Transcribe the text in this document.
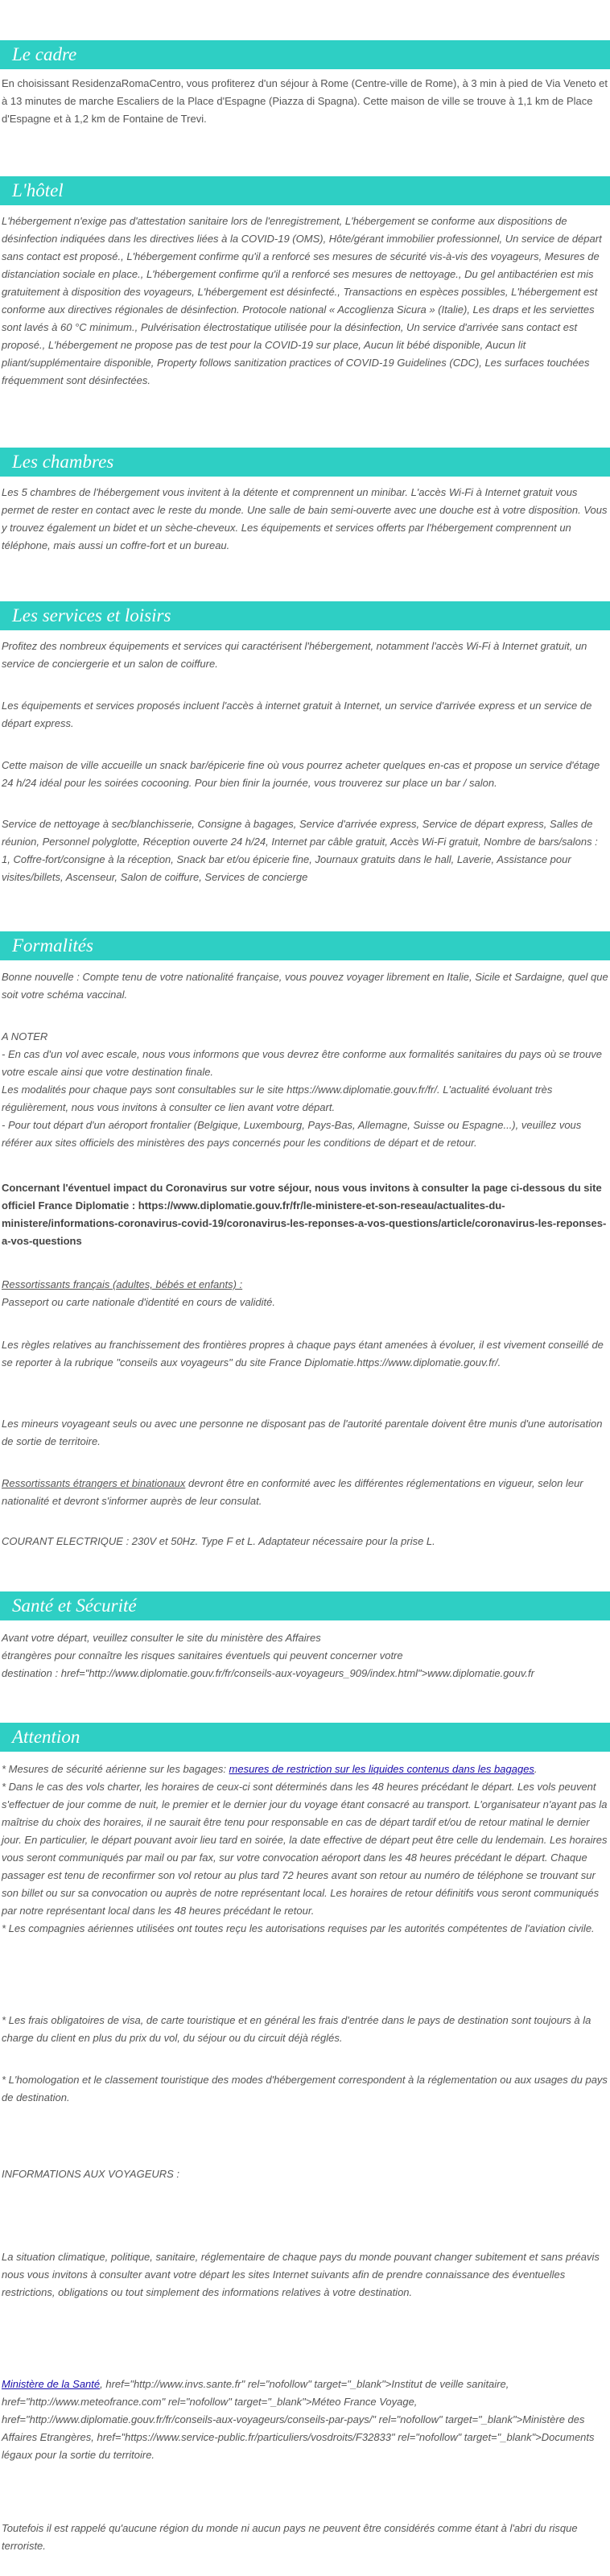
Le cadre

En choisissant ResidenzaRomaCentro, vous profiterez d'un séjour à Rome (Centre-ville de Rome), à 3 min à pied de Via Veneto et à 13 minutes de marche Escaliers de la Place d'Espagne (Piazza di Spagna). Cette maison de ville se trouve à 1,1 km de Place d'Espagne et à 1,2 km de Fontaine de Trevi.

L'hôtel

L'hébergement n'exige pas d'attestation sanitaire lors de l'enregistrement, L'hébergement se conforme aux dispositions de désinfection indiquées dans les directives liées à la COVID-19 (OMS), Hôte/gérant immobilier professionnel, Un service de départ sans contact est proposé., L'hébergement confirme qu'il a renforcé ses mesures de sécurité vis-à-vis des voyageurs, Mesures de distanciation sociale en place., L'hébergement confirme qu'il a renforcé ses mesures de nettoyage., Du gel antibactérien est mis gratuitement à disposition des voyageurs, L'hébergement est désinfecté., Transactions en espèces possibles, L'hébergement est conforme aux directives régionales de désinfection. Protocole national « Accoglienza Sicura » (Italie), Les draps et les serviettes sont lavés à 60 °C minimum., Pulvérisation électrostatique utilisée pour la désinfection, Un service d'arrivée sans contact est proposé., L'hébergement ne propose pas de test pour la COVID-19 sur place, Aucun lit bébé disponible, Aucun lit pliant/supplémentaire disponible, Property follows sanitization practices of COVID-19 Guidelines (CDC), Les surfaces touchées fréquemment sont désinfectées.

Les chambres

Les 5 chambres de l'hébergement vous invitent à la détente et comprennent un minibar. L'accès Wi-Fi à Internet gratuit vous permet de rester en contact avec le reste du monde. Une salle de bain semi-ouverte avec une douche est à votre disposition. Vous y trouvez également un bidet et un sèche-cheveux. Les équipements et services offerts par l'hébergement comprennent un téléphone, mais aussi un coffre-fort et un bureau.

Les services et loisirs

Profitez des nombreux équipements et services qui caractérisent l'hébergement, notamment l'accès Wi-Fi à Internet gratuit, un service de conciergerie et un salon de coiffure.

Les équipements et services proposés incluent l'accès à internet gratuit à Internet, un service d'arrivée express et un service de départ express.

Cette maison de ville accueille un snack bar/épicerie fine où vous pourrez acheter quelques en-cas et propose un service d'étage 24 h/24 idéal pour les soirées cocooning. Pour bien finir la journée, vous trouverez sur place un bar / salon.

Service de nettoyage à sec/blanchisserie, Consigne à bagages, Service d'arrivée express, Service de départ express, Salles de réunion, Personnel polyglotte, Réception ouverte 24 h/24, Internet par câble gratuit, Accès Wi-Fi gratuit, Nombre de bars/salons : 1, Coffre-fort/consigne à la réception, Snack bar et/ou épicerie fine, Journaux gratuits dans le hall, Laverie, Assistance pour visites/billets, Ascenseur, Salon de coiffure, Services de concierge

Formalités

Bonne nouvelle : Compte tenu de votre nationalité française, vous pouvez voyager librement en Italie, Sicile et Sardaigne, quel que soit votre schéma vaccinal.

A NOTER

- En cas d'un vol avec escale, nous vous informons que vous devrez être conforme aux formalités sanitaires du pays où se trouve votre escale ainsi que votre destination finale.

Les modalités pour chaque pays sont consultables sur le site https://www.diplomatie.gouv.fr/fr/. L'actualité évoluant très régulièrement, nous vous invitons à consulter ce lien avant votre départ.

- Pour tout départ d'un aéroport frontalier (Belgique, Luxembourg, Pays-Bas, Allemagne, Suisse ou Espagne...), veuillez vous référer aux sites officiels des ministères des pays concernés pour les conditions de départ et de retour.

Concernant l'éventuel impact du Coronavirus sur votre séjour, nous vous invitons à consulter la page ci-dessous du site officiel France Diplomatie : https://www.diplomatie.gouv.fr/fr/le-ministere-et-son-reseau/actualites-du-ministere/informations-coronavirus-covid-19/coronavirus-les-reponses-a-vos-questions/article/coronavirus-les-reponses-a-vos-questions

Ressortissants français (adultes, bébés et enfants) :

Passeport ou carte nationale d'identité en cours de validité.

Les règles relatives au franchissement des frontières propres à chaque pays étant amenées à évoluer, il est vivement conseillé de se reporter à la rubrique "conseils aux voyageurs" du site France Diplomatie.https://www.diplomatie.gouv.fr/.

Les mineurs voyageant seuls ou avec une personne ne disposant pas de l'autorité parentale doivent être munis d'une autorisation de sortie de territoire.

Ressortissants étrangers et binationaux devront être en conformité avec les différentes réglementations en vigueur, selon leur nationalité et devront s'informer auprès de leur consulat.

COURANT ELECTRIQUE : 230V et 50Hz. Type F et L. Adaptateur nécessaire pour la prise L.

Santé et Sécurité

Avant votre départ, veuillez consulter le site du ministère des Affaires

étrangères pour connaître les risques sanitaires éventuels qui peuvent concerner votre

destination : href="http://www.diplomatie.gouv.fr/fr/conseils-aux-voyageurs_909/index.html">www.diplomatie.gouv.fr

Attention

* Mesures de sécurité aérienne sur les bagages: mesures de restriction sur les liquides contenus dans les bagages.

* Dans le cas des vols charter, les horaires de ceux-ci sont déterminés dans les 48 heures précédant le départ. Les vols peuvent s'effectuer de jour comme de nuit, le premier et le dernier jour du voyage étant consacré au transport. L'organisateur n'ayant pas la maîtrise du choix des horaires, il ne saurait être tenu pour responsable en cas de départ tardif et/ou de retour matinal le dernier jour. En particulier, le départ pouvant avoir lieu tard en soirée, la date effective de départ peut être celle du lendemain. Les horaires vous seront communiqués par mail ou par fax, sur votre convocation aéroport dans les 48 heures précédant le départ. Chaque passager est tenu de reconfirmer son vol retour au plus tard 72 heures avant son retour au numéro de téléphone se trouvant sur son billet ou sur sa convocation ou auprès de notre représentant local. Les horaires de retour définitifs vous seront communiqués par notre représentant local dans les 48 heures précédant le retour.

* Les compagnies aériennes utilisées ont toutes reçu les autorisations requises par les autorités compétentes de l'aviation civile.

* Les frais obligatoires de visa, de carte touristique et en général les frais d'entrée dans le pays de destination sont toujours à la charge du client en plus du prix du vol, du séjour ou du circuit déjà réglés.

* L'homologation et le classement touristique des modes d'hébergement correspondent à la réglementation ou aux usages du pays de destination.

INFORMATIONS AUX VOYAGEURS :

La situation climatique, politique, sanitaire, réglementaire de chaque pays du monde pouvant changer subitement et sans préavis

nous vous invitons à consulter avant votre départ les sites Internet suivants afin de prendre connaissance des éventuelles restrictions, obligations ou tout simplement des informations relatives à votre destination.

Ministère de la Santé, href="http://www.invs.sante.fr" rel="nofollow" target="_blank">Institut de veille sanitaire, href="http://www.meteofrance.com" rel="nofollow" target="_blank">Méteo France Voyage, href="http://www.diplomatie.gouv.fr/fr/conseils-aux-voyageurs/conseils-par-pays/" rel="nofollow" target="_blank">Ministère des Affaires Etrangères, href="https://www.service-public.fr/particuliers/vosdroits/F32833" rel="nofollow" target="_blank">Documents légaux pour la sortie du territoire.

Toutefois il est rappelé qu'aucune région du monde ni aucun pays ne peuvent être considérés comme étant à l'abri du risque terroriste.
